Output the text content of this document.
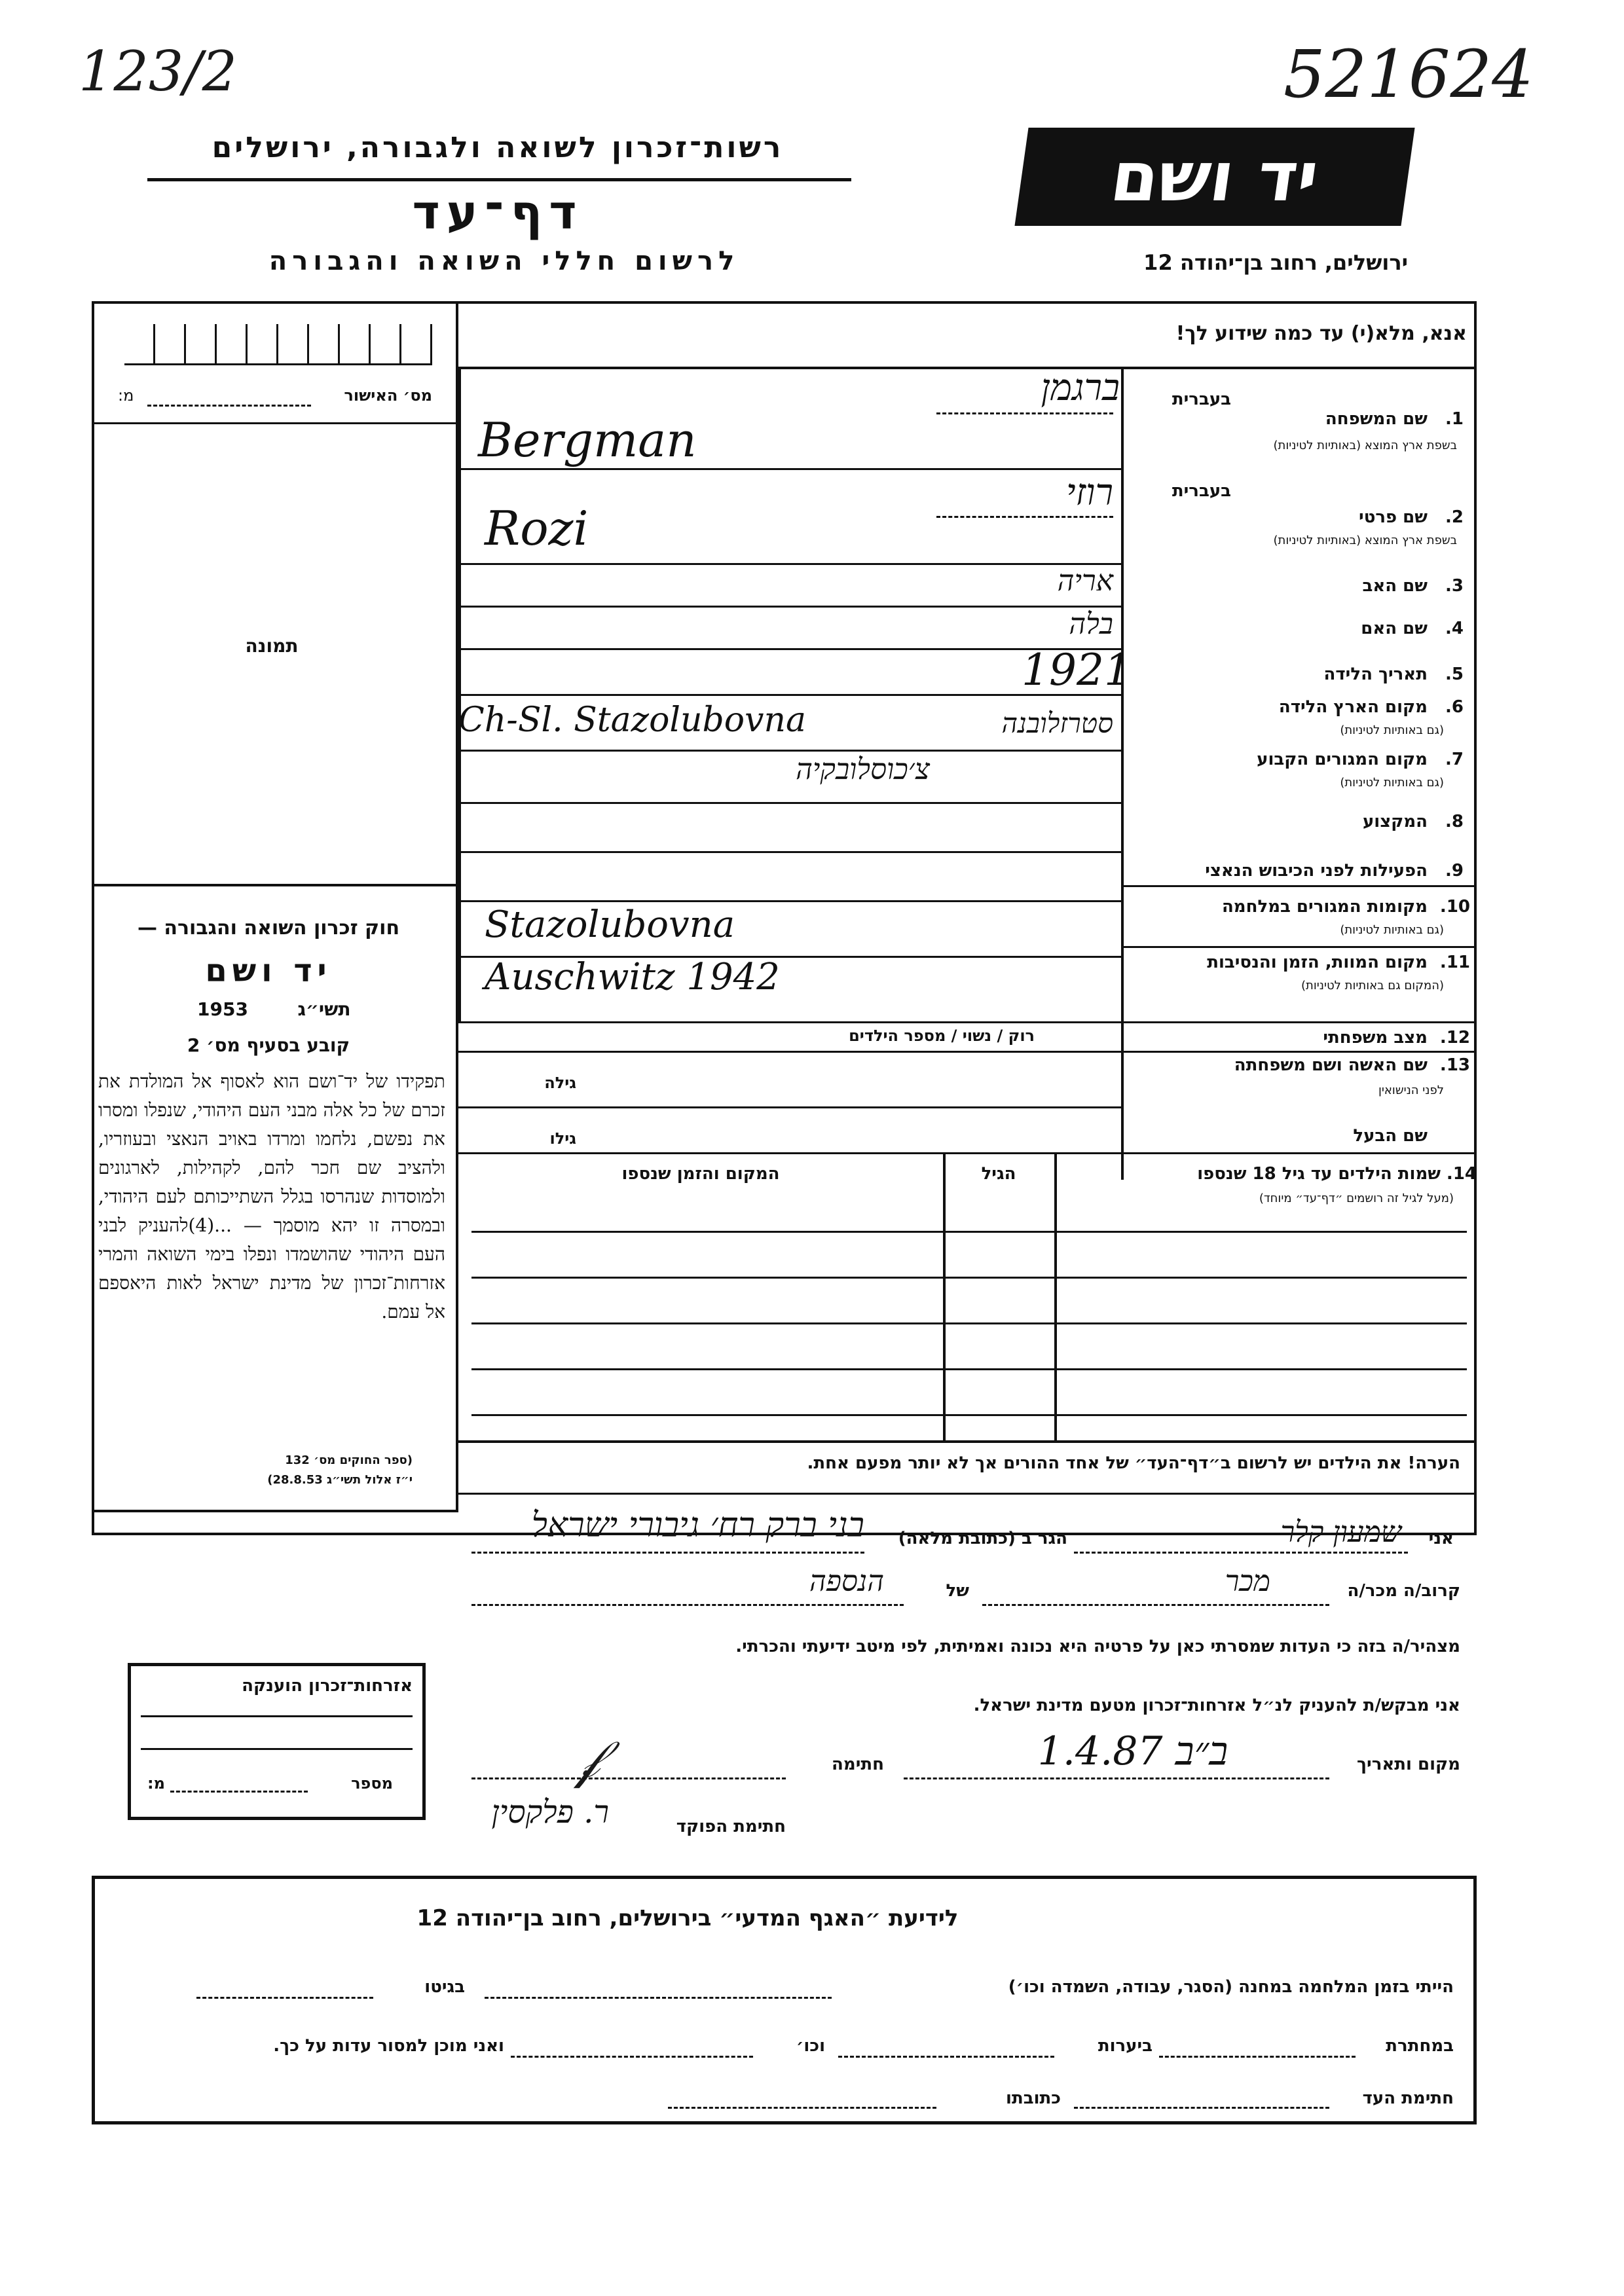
123/2	521624
רשות־זכרון לשואה ולגבורה, ירושלים
דף־עד
לרשום חללי השואה והגבורה
יד ושם
ירושלים, רחוב בן־יהודה 12
אנא, מלא(י) עד כמה שידוע לך!
מ:	מס׳ האישור
תמונה
חוק זכרון השואה והגבורה —
יד ושם
תשי״ג
1953
קובע בסעיף מס׳ 2
תפקידו של יד־ושם הוא לאסוף אל המולדת את זכרם של כל אלה מבני העם היהודי, שנפלו ומסרו את נפשם, נלחמו ומרדו באויב הנאצי ובעוזריו, ולהציב שם חכר להם, לקהילות, לארגונים ולמוסדות שנהרסו בגלל השתייכותם לעם היהודי, ובמסרה זו יהא מוסמך — ...(4)להעניק לבני העם היהודי שהושמדו ונפלו בימי השואה והמרי אזרחות־זכרון של מדינת ישראל לאות היאספם אל עמם.
(ספר החוקים מס׳ 132
י״ז אלול תשי״ג 28.8.53)
בעברית
שם המשפחה	1.
בשפת ארץ המוצא (באותיות לטיניות)
ברגמן
Bergman
בעברית
שם פרטי	2.
בשפת ארץ המוצא (באותיות לטיניות)
רוזי
Rozi
שם האב	3.
אריה
שם האם	4.
בלה
תאריך הלידה	5.
1921
מקום הארץ הלידה	6.
(גם באותיות לטיניות)
Ch-Sl. Stazolubovna	סטרזלובנה
מקום המגורים הקבוע	7.
(גם באותיות לטיניות)
צ׳כוסלובקיה
המקצוע	8.
הפעילות לפני הכיבוש הנאצי	9.
מקומות המגורים במלחמה 10.
(גם באותיות לטיניות)
Stazolubovna
מקום המוות, הזמן והנסיבות 11.
(המקום גם באותיות לטיניות)
Auschwitz 1942
מצב משפחתי 12.
רוק / נשוי / מספר הילדים
שם האשה ושם משפחתה 13.
לפני הנישואין
גילה
שם הבעל
גילו
שמות הילדים עד גיל 18 שנספו 14.
(מעל לגיל זה רושמים ״דף־עד״ מיוחד)
הגיל
המקום והזמן שנספו
הערה! את הילדים יש לרשום ב״דף־העד״ של אחד ההורים אך לא יותר מפעם אחת.
אני
שמעון קלר
הגר ב (כתובת מלאה)
בני ברק רח׳ גיבורי ישראל
קרוב/ה מכר/ה
מכר
של
הנספה
מצהיר/ה בזה כי העדות שמסרתי כאן על פרטיה היא נכונה ואמיתית, לפי מיטב ידיעתי והכרתי.
אני מבקש/ת להעניק לנ״ל אזרחות־זכרון מטעם מדינת ישראל.
מקום ותאריך
ב״ב 1.4.87
חתימה
𝒻
חתימת הפוקד
ר. פלקסין
אזרחות־זכרון הוענקה
מספר
מ:
לידיעת ״האגף המדעי״ בירושלים, רחוב בן־יהודה 12
הייתי בזמן המלחמה במחנה (הסגר, עבודה, השמדה וכו׳)
בגיטו
במחתרת
ביערות
וכו׳
ואני מוכן למסור עדות על כך.
חתימת העד
כתובתו
